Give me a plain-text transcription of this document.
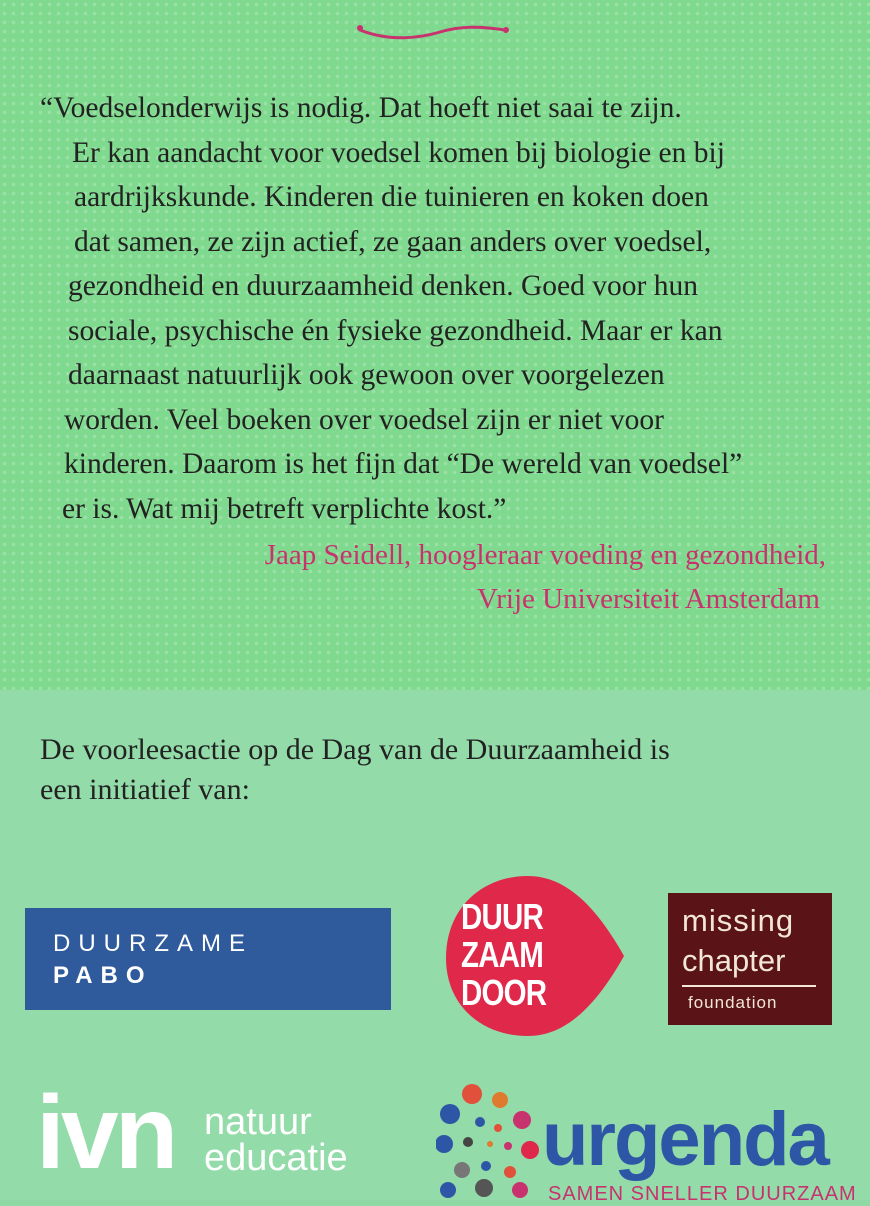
“Voedselonderwijs is nodig. Dat hoeft niet saai te zijn.
Er kan aandacht voor voedsel komen bij biologie en bij
aardrijkskunde. Kinderen die tuinieren en koken doen
dat samen, ze zijn actief, ze gaan anders over voedsel,
gezondheid en duurzaamheid denken. Goed voor hun
sociale, psychische én fysieke gezondheid. Maar er kan
daarnaast natuurlijk ook gewoon over voorgelezen
worden. Veel boeken over voedsel zijn er niet voor
kinderen. Daarom is het fijn dat “De wereld van voedsel”
er is. Wat mij betreft verplichte kost.”
Jaap Seidell, hoogleraar voeding en gezondheid,
Vrije Universiteit Amsterdam
De voorleesactie op de Dag van de Duurzaamheid is
een initiatief van:
DUURZAME
PABO
DUUR
ZAAM
DOOR
missing
chapter
foundation
ivn natuur
educatie	urgenda
SAMEN SNELLER DUURZAAM
